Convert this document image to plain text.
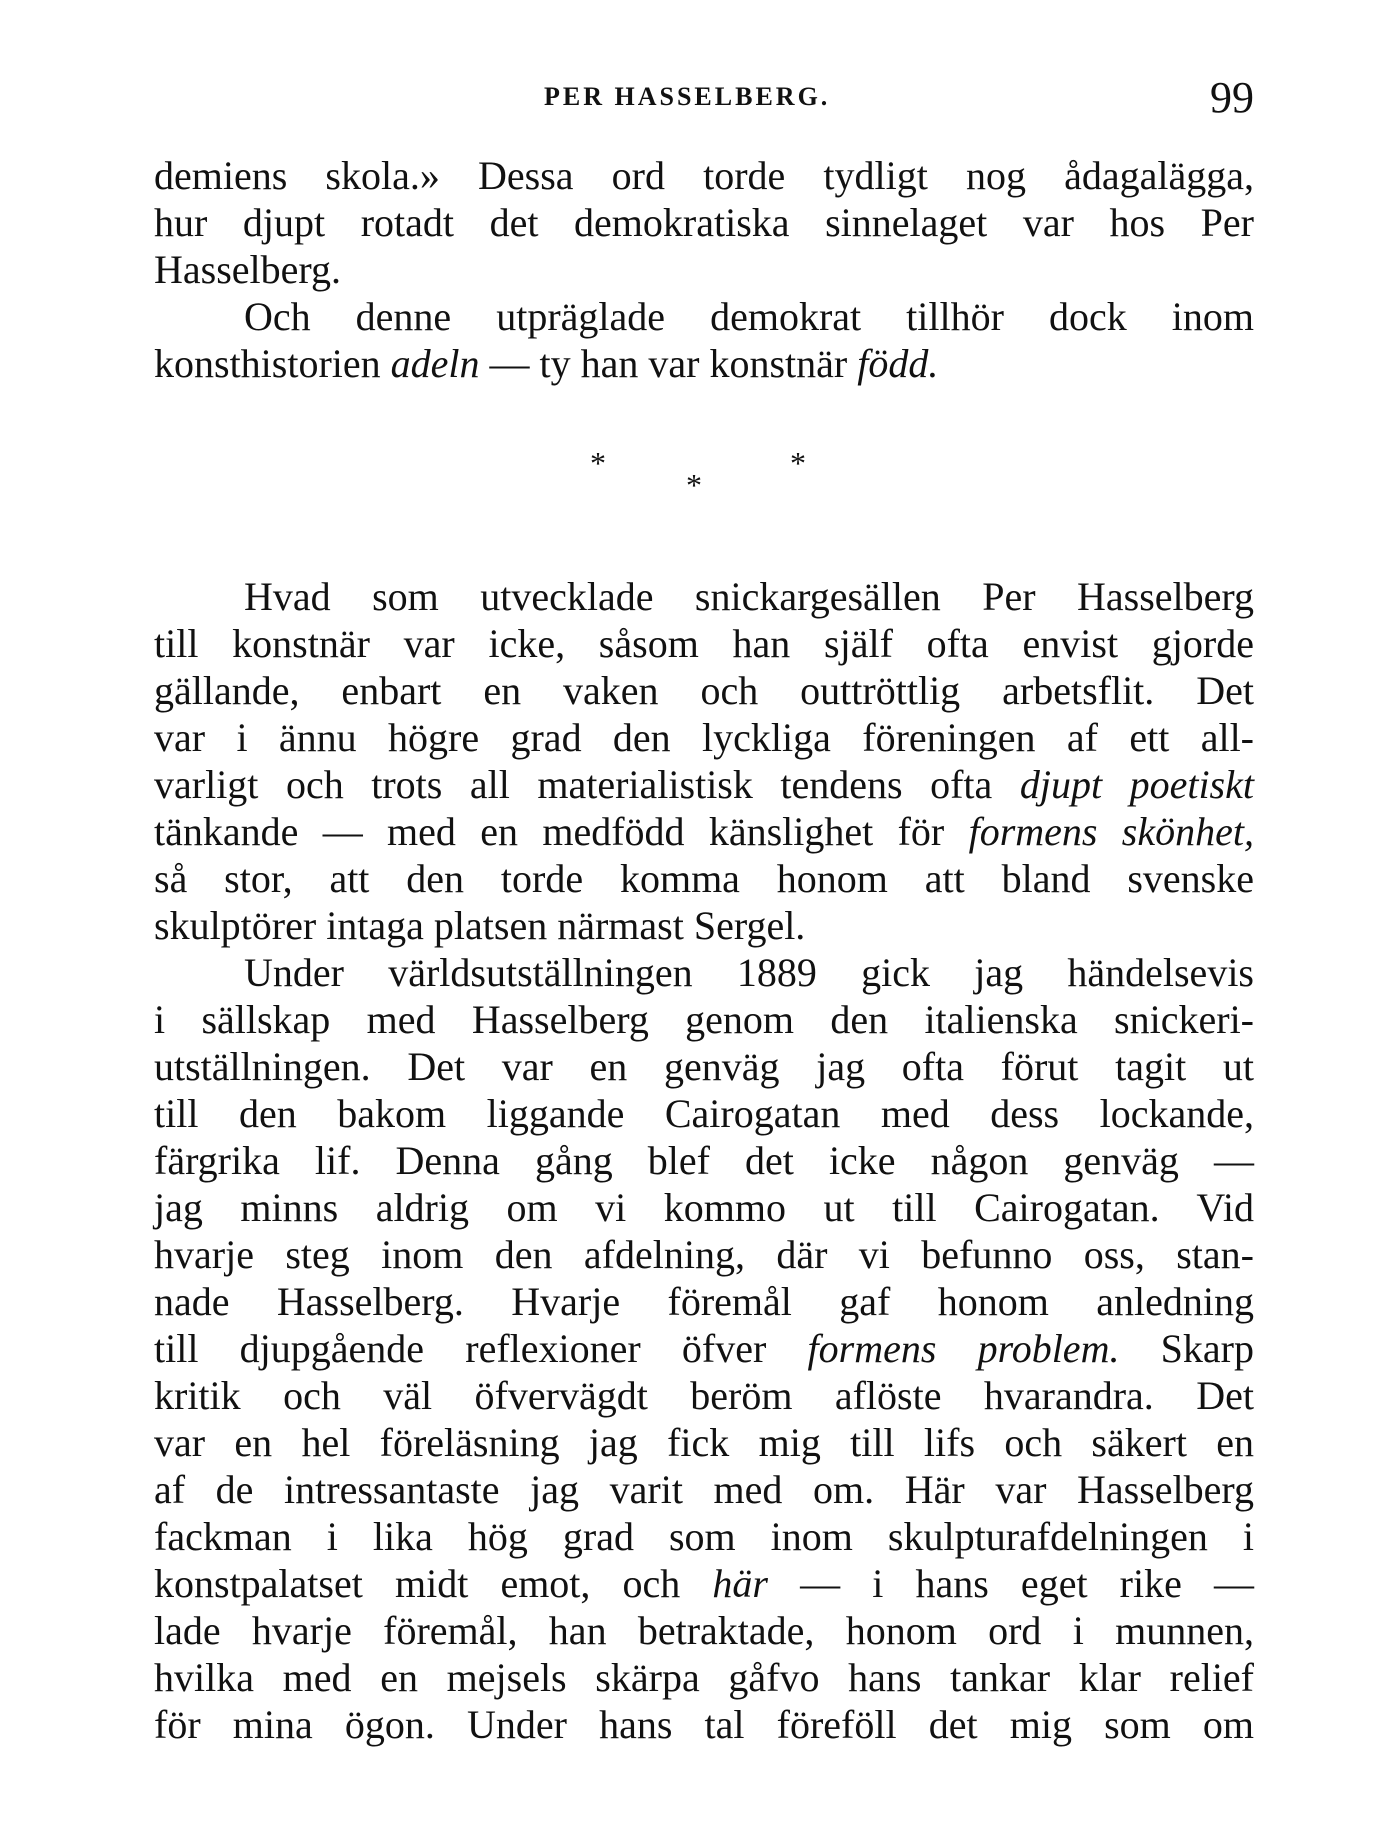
PER HASSELBERG.	99
demiens skola.» Dessa ord torde tydligt nog ådagalägga,
hur djupt rotadt det demokratiska sinnelaget var hos Per
Hasselberg.
Och denne utpräglade demokrat tillhör dock inom
konsthistorien adeln — ty han var konstnär född.
*
*
*
Hvad som utvecklade snickargesällen Per Hasselberg
till konstnär var icke, såsom han själf ofta envist gjorde
gällande, enbart en vaken och outtröttlig arbetsflit. Det
var i ännu högre grad den lyckliga föreningen af ett all-
varligt och trots all materialistisk tendens ofta djupt poetiskt
tänkande — med en medfödd känslighet för formens skönhet,
så stor, att den torde komma honom att bland svenske
skulptörer intaga platsen närmast Sergel.
Under världsutställningen 1889 gick jag händelsevis
i sällskap med Hasselberg genom den italienska snickeri-
utställningen. Det var en genväg jag ofta förut tagit ut
till den bakom liggande Cairogatan med dess lockande,
färgrika lif. Denna gång blef det icke någon genväg —
jag minns aldrig om vi kommo ut till Cairogatan. Vid
hvarje steg inom den afdelning, där vi befunno oss, stan-
nade Hasselberg. Hvarje föremål gaf honom anledning
till djupgående reflexioner öfver formens problem. Skarp
kritik och väl öfvervägdt beröm aflöste hvarandra. Det
var en hel föreläsning jag fick mig till lifs och säkert en
af de intressantaste jag varit med om. Här var Hasselberg
fackman i lika hög grad som inom skulpturafdelningen i
konstpalatset midt emot, och här — i hans eget rike —
lade hvarje föremål, han betraktade, honom ord i munnen,
hvilka med en mejsels skärpa gåfvo hans tankar klar relief
för mina ögon. Under hans tal föreföll det mig som om
